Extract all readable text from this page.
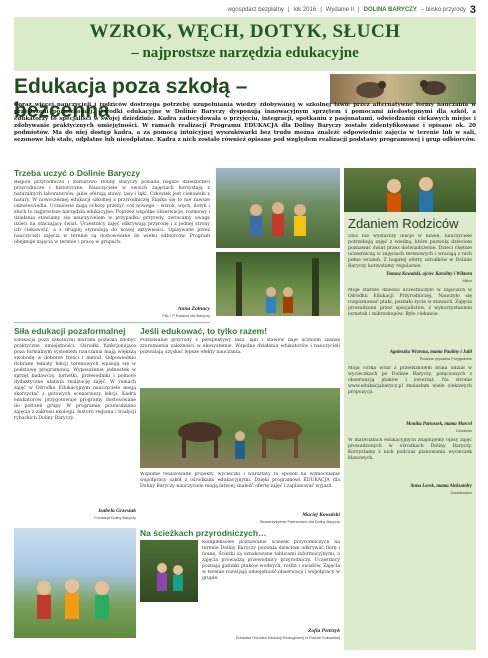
wgospdarz bezpłatny | lok 2016 | Wydanie II | DOLINA BARYCZY – blisko przyrody 3
WZROK, WĘCH, DOTYK, SŁUCH
– najprostsze narzędzia edukacyjne
Edukacja poza szkołą – bezcenna
Coraz więcej nauczycieli i rodziców dostrzega potrzebę uzupełniania wiedzy zdobywanej w szkolnej ławie przez alternatywne formy nauczania w przestrzeni pozaszkolnej. Ośrodki edukacyjne w Dolinie Baryczy dysponują innowacyjnym sprzętem i pomocami niedostępnymi dla szkół, a edukatorzy to specjaliści w swojej dziedzinie. Kadra zadecydowała o przyjęciu, integracji, spotkaniu z pasjonatami, odwiedzaniu ciekawych miejsc i zdobywanie praktycznych umiejętności. W ramach realizacji Programu EDUKACJA dla Doliny Baryczy zostało zidentyfikowane i opisane ok. 20 podmiotów. Ma do niej dostęp kadra, a za pomocą intuicyjnej wyszukiwarki bez trudu można znaleźć odpowiednie zajęcia w terenie lub w sali, sezonowe lub stałe, odpłatne lub nieodpłatne. Kadra z nich zostało również opisane pod względem realizacji podstawy programowej i grup odbiorców.
Trzeba uczyć o Dolinie Baryczy
Region przyrodniczo i kulturowo Doliny Baryczy posiada bogate dziedzictwo przyrodnicze i historyczne. Nauczyciele w swoich zajęciach korzystają z naturalnych laboratoriów, jakie oferują stawy, lasy i łąki. Człowiek jest ciekawski z natury. W nowoczesnej edukacji szkolnej z przyrodniczej Śląska się to nie zawsze odzwierciedla. Uczniowie mają ochotę przeżyć coś nowego – wzrok, węch, dotyk i słuch to najprostsze narzędzia edukacyjne. Poprzez wspólne obserwacje, rozmowy i działania stawiamy się nauczycielom w przypadku przyrody, zwracamy uwagę dzieci na otaczający świat. Uczestnicy zajęć odkrywają przyrodę i z jednej strony ich ciekawość, a z drugiej stymulują do nowej aktywności. Opisywane przez nauczycieli zajęcia w terenie są dostosowane do wieku odbiorców. Program obejmuje zajęcia w terenie i pracę w grupach.
Anna Zołnacy
P&L i P Radzicz dla Baryczy
Zdaniem Rodziców
Dziś nie wystarczy lekcje w klasie, nauczyciele potrzebują zajęć z wiedzą, które pozwolą dzieciom poznawać świat przez doświadczenie. Dzieci chętnie uczestniczą w zajęciach terenowych i wracają z nich pełne wrażeń. Z bogatej oferty ośrodków w Dolinie Baryczy korzystamy regularnie.
Tomasz Kowalski, ojciec Karoliny i Wiktora
Milicz
Moje starsze dziecko uczestniczyło w zajęciach w Ośrodku Edukacji Przyrodniczej. Nauczyło się rozpoznawać ptaki, poznało życie w stawach. Zajęcia prowadzone przez specjalistów, z wykorzystaniem lornetek i mikroskopów. Było ciekawie.
Agnieszka Wrzesna, mama Pauliny i Julii
Rodzina prywatna Przygodzice
Moja córka wraz z przedszkolem brała udział w wycieczkach po Dolinie Baryczy, połączonych z obserwacją ptaków i zwierząt. Na stronie www.edukacjabarycz.pl znalazłam wiele ciekawych propozycji.
Monika Partoszek, mama Marcel
Cieszków
W materiałach edukacyjnych znajdujemy opisy zajęć prowadzonych w ośrodkach Doliny Baryczy. Korzystamy z nich podczas planowania wycieczek klasowych.
Anna Lorek, mama Aleksandry
Dwankowice
Siła edukacji pozaformalnej
Edukacja poza szkolnymi murami pozwala zdobyć praktyczne umiejętności. Ośrodki funkcjonujące poza formalnym systemem nauczania mają większą swobodę w doborze treści i metod. Odpowiednio dobrane tematy lekcji terenowych wpisują się w podstawę programową. Wyposażenie jednostek w sprzęt badawczy, lornetki, przewodniki i pomoce dydaktyczne ułatwia realizację zajęć. W ramach zajęć w Ośrodku Edukacyjnym nauczyciele mogą skorzystać z gotowych scenariuszy lekcji. Kadra edukatorów przygotowuje programy dostosowane do potrzeb grupy. W programie przewidziano zajęcia z zakresu ekologii, historii regionu i tradycji rybackich Doliny Baryczy.
Izabela Grzesiak
Fundacja Doliny Baryczy
Jeśli edukować, to tylko razem!
Poznawanie przyrody z perspektywy lasu, łąki i stawów daje uczniom szansę zrozumienia zależności w ekosystemie. Wspólne działania edukatorów i nauczycieli pozwalają uzyskać lepsze efekty nauczania.
Wspólne realizowane projekty, wycieczki i warsztaty to sposób na wzmocnienie współpracy szkół z ośrodkami edukacyjnymi. Dzięki programowi EDUKACJA dla Doliny Baryczy nauczyciele mogą łatwiej znaleźć ofertę zajęć i zaplanować wyjazd.
Maciej Kowalski
Stowarzyszenie Partnerstwo dla Doliny Baryczy
Na ścieżkach przyrodniczych…
Kompleksowe poznawanie ścieżek przyrodniczych na terenie Doliny Baryczy pozwala dzieciom odkrywać florę i faunę. Ścieżki są oznakowane tablicami informacyjnymi, a zajęcia prowadzą przewodnicy przyrodniczy. Uczestnicy poznają gatunki ptaków wodnych, roślin i owadów. Zajęcia w terenie rozwijają umiejętność obserwacji i współpracy w grupie.
Zofia Pietrzyk
Edukator Ośrodka Edukacji Ekologicznej w Rudzie Sułowskiej
